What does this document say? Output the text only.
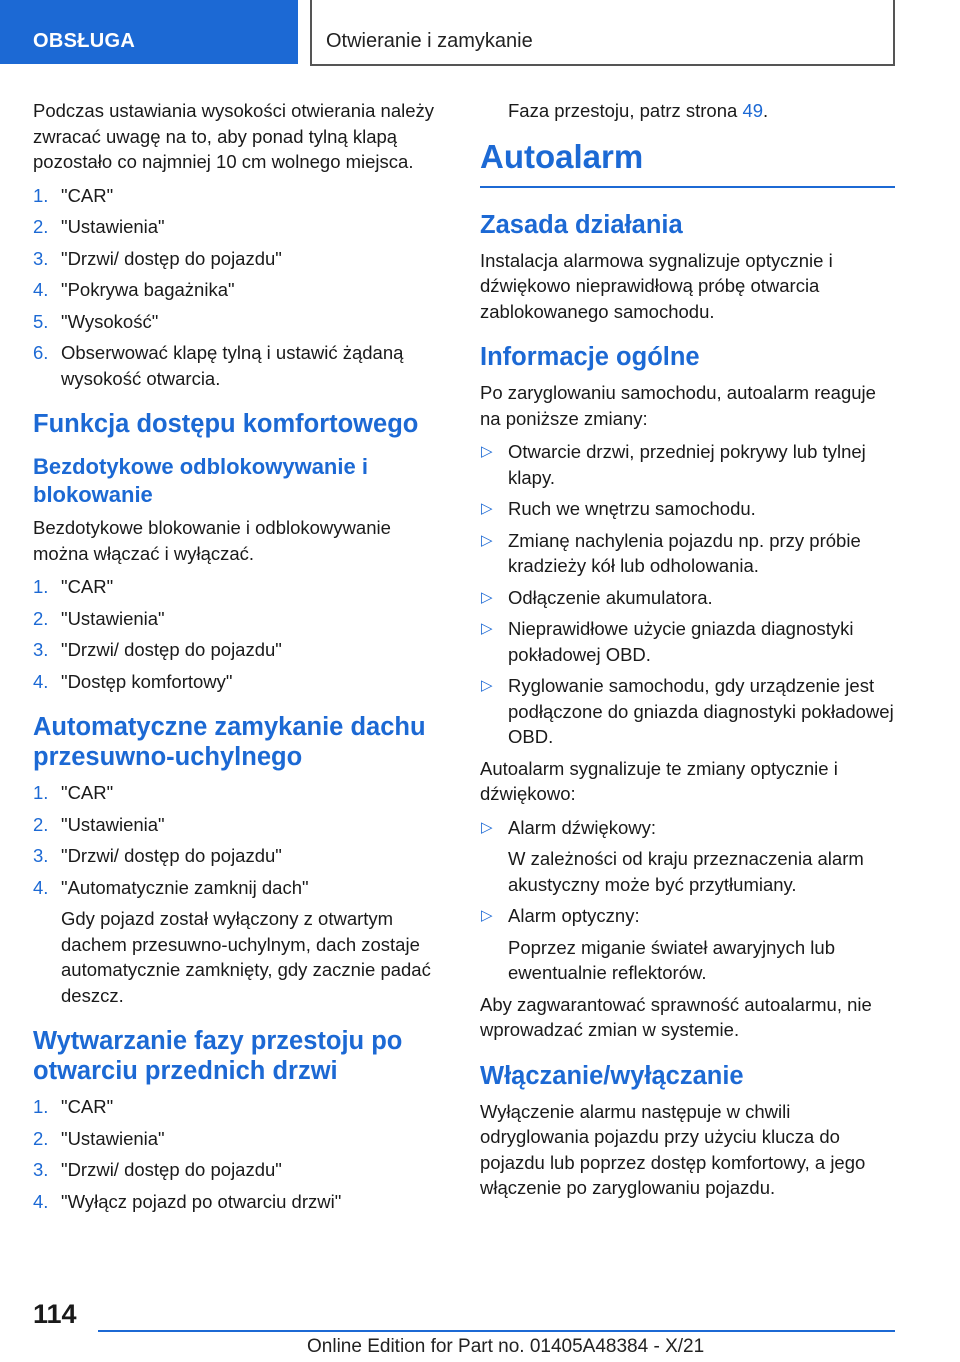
OBSŁUGA	Otwieranie i zamykanie

Podczas ustawiania wysokości otwierania należy zwracać uwagę na to, aby ponad tylną klapą pozostało co najmniej 10 cm wolnego miejsca.

1. "CAR"
2. "Ustawienia"
3. "Drzwi/ dostęp do pojazdu"
4. "Pokrywa bagażnika"
5. "Wysokość"
6. Obserwować klapę tylną i ustawić żądaną wysokość otwarcia.
Funkcja dostępu komfortowego
Bezdotykowe odblokowywanie i blokowanie

Bezdotykowe blokowanie i odblokowywanie można włączać i wyłączać.

1. "CAR"
2. "Ustawienia"
3. "Drzwi/ dostęp do pojazdu"
4. "Dostęp komfortowy"
Automatyczne zamykanie dachu przesuwno-uchylnego
1. "CAR"
2. "Ustawienia"
3. "Drzwi/ dostęp do pojazdu"
4. "Automatycznie zamknij dach"
Gdy pojazd został wyłączony z otwartym dachem przesuwno-uchylnym, dach zostaje automatycznie zamknięty, gdy zacznie padać deszcz.
Wytwarzanie fazy przestoju po otwarciu przednich drzwi
1. "CAR"
2. "Ustawienia"
3. "Drzwi/ dostęp do pojazdu"
4. "Wyłącz pojazd po otwarciu drzwi"

Faza przestoju, patrz strona 49.

Autoalarm
Zasada działania

Instalacja alarmowa sygnalizuje optycznie i dźwiękowo nieprawidłową próbę otwarcia zablokowanego samochodu.

Informacje ogólne

Po zaryglowaniu samochodu, autoalarm reaguje na poniższe zmiany:

▷ Otwarcie drzwi, przedniej pokrywy lub tylnej klapy.
▷ Ruch we wnętrzu samochodu.
▷ Zmianę nachylenia pojazdu np. przy próbie kradzieży kół lub odholowania.
▷ Odłączenie akumulatora.
▷ Nieprawidłowe użycie gniazda diagnostyki pokładowej OBD.
▷ Ryglowanie samochodu, gdy urządzenie jest podłączone do gniazda diagnostyki pokładowej OBD.

Autoalarm sygnalizuje te zmiany optycznie i dźwiękowo:

▷ Alarm dźwiękowy:
W zależności od kraju przeznaczenia alarm akustyczny może być przytłumiany.
▷ Alarm optyczny:
Poprzez miganie świateł awaryjnych lub ewentualnie reflektorów.

Aby zagwarantować sprawność autoalarmu, nie wprowadzać zmian w systemie.

Włączanie/wyłączanie

Wyłączenie alarmu następuje w chwili odryglowania pojazdu przy użyciu klucza do pojazdu lub poprzez dostęp komfortowy, a jego włączenie po zaryglowaniu pojazdu.

114
Online Edition for Part no. 01405A48384 - X/21
